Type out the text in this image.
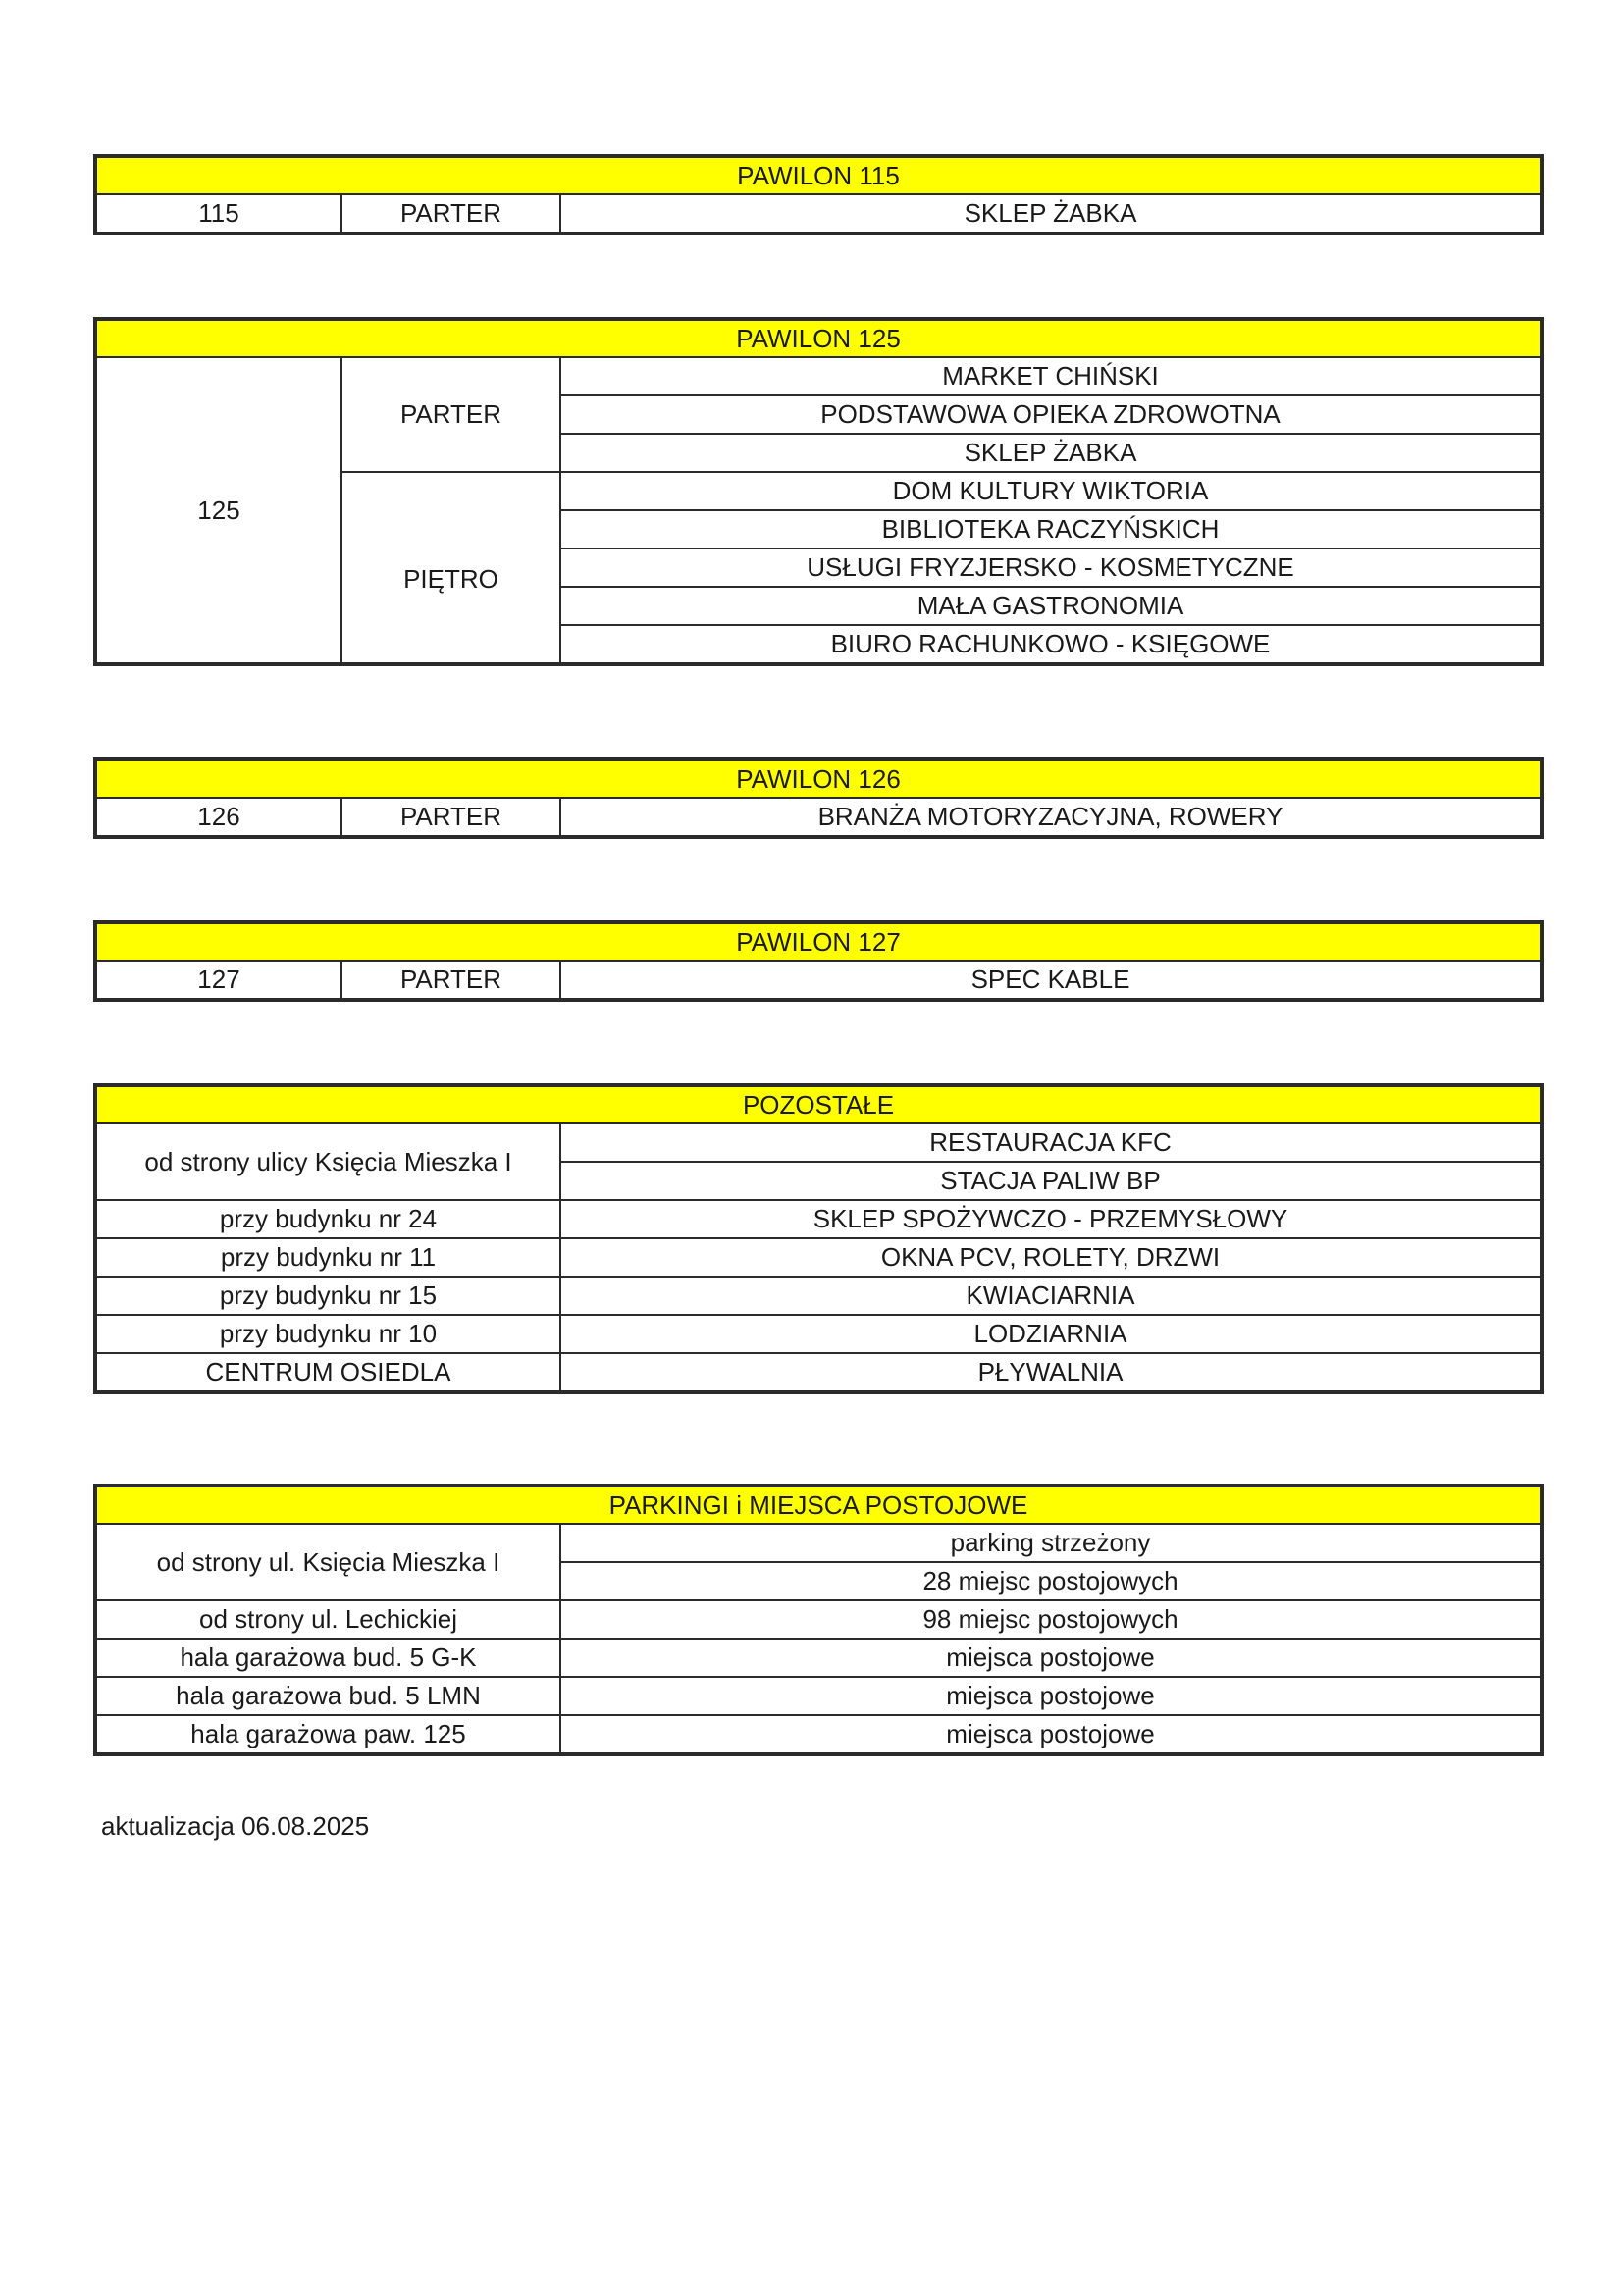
PAWILON 115
115	PARTER	SKLEP ŻABKA
PAWILON 125		
125	PARTER	MARKET CHIŃSKI
		PODSTAWOWA OPIEKA ZDROWOTNA
		SKLEP ŻABKA
	PIĘTRO	DOM KULTURY WIKTORIA
		BIBLIOTEKA RACZYŃSKICH
		USŁUGI FRYZJERSKO - KOSMETYCZNE
		MAŁA GASTRONOMIA
		BIURO RACHUNKOWO - KSIĘGOWE
PAWILON 126
126	PARTER	BRANŻA MOTORYZACYJNA, ROWERY
PAWILON 127
127	PARTER	SPEC KABLE
POZOSTAŁE	
od strony ulicy Księcia Mieszka I	RESTAURACJA KFC
	STACJA PALIW BP
przy budynku nr 24	SKLEP SPOŻYWCZO - PRZEMYSŁOWY
przy budynku nr 11	OKNA PCV, ROLETY, DRZWI
przy budynku nr 15	KWIACIARNIA
przy budynku nr 10	LODZIARNIA
CENTRUM OSIEDLA	PŁYWALNIA
PARKINGI i MIEJSCA POSTOJOWE	
od strony ul. Księcia Mieszka I	parking strzeżony
	28 miejsc postojowych
od strony ul. Lechickiej	98 miejsc postojowych
hala garażowa bud. 5 G-K	miejsca postojowe
hala garażowa bud. 5 LMN	miejsca postojowe
hala garażowa paw. 125	miejsca postojowe
aktualizacja 06.08.2025
